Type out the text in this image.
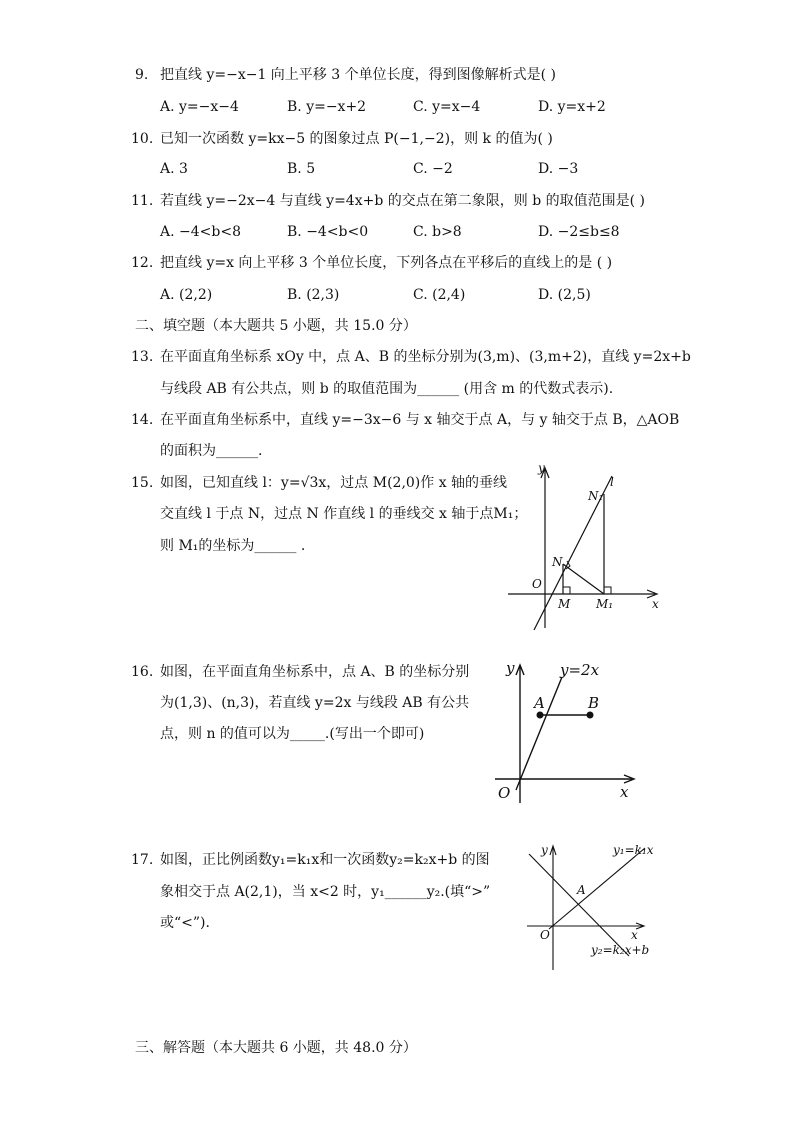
9. 把直线 y=−x−1 向上平移 3 个单位长度，得到图像解析式是( )
A. y=−x−4	B. y=−x+2	C. y=x−4	D. y=x+2
10. 已知一次函数 y=kx−5 的图象过点 P(−1,−2)，则 k 的值为( )
A. 3	B. 5	C. −2	D. −3
11. 若直线 y=−2x−4 与直线 y=4x+b 的交点在第二象限，则 b 的取值范围是( )
A. −4<b<8	B. −4<b<0	C. b>8	D. −2≤b≤8
12. 把直线 y=x 向上平移 3 个单位长度，下列各点在平移后的直线上的是 ( )
A. (2,2)	B. (2,3)	C. (2,4)	D. (2,5)
二、填空题（本大题共 5 小题，共 15.0 分）
13. 在平面直角坐标系 xOy 中，点 A、B 的坐标分别为(3,m)、(3,m+2)，直线 y=2x+b
与线段 AB 有公共点，则 b 的取值范围为______ (用含 m 的代数式表示).
14. 在平面直角坐标系中，直线 y=−3x−6 与 x 轴交于点 A，与 y 轴交于点 B，△AOB
的面积为______.
15. 如图，已知直线 l：y=√3x，过点 M(2,0)作 x 轴的垂线
交直线 l 于点 N，过点 N 作直线 l 的垂线交 x 轴于点M₁；
则 M₁的坐标为______ .
y
l
N₁
N
O
M M₁	x
16. 如图，在平面直角坐标系中，点 A、B 的坐标分别
为(1,3)、(n,3)，若直线 y=2x 与线段 AB 有公共
点，则 n 的值可以为_____.(写出一个即可)
y	y=2x
A	B
O	x
17. 如图，正比例函数y₁=k₁x和一次函数y₂=k₂x+b 的图
象相交于点 A(2,1)，当 x<2 时，y₁______y₂.(填“>”
或“<”).
y	y₁=k₁x
A
O	x
y₂=k₂x+b
三、解答题（本大题共 6 小题，共 48.0 分）
